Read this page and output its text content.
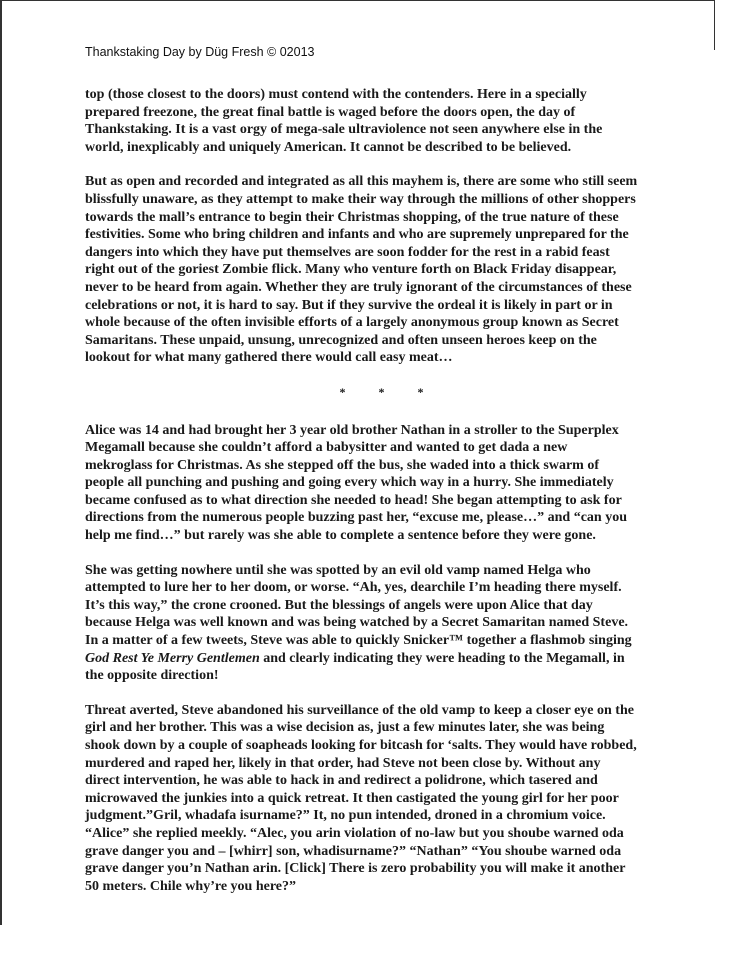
Thankstaking Day by Düg Fresh © 02013

top (those closest to the doors) must contend with the contenders. Here in a specially prepared freezone, the great final battle is waged before the doors open, the day of Thankstaking. It is a vast orgy of mega-sale ultraviolence not seen anywhere else in the world, inexplicably and uniquely American. It cannot be described to be believed.

But as open and recorded and integrated as all this mayhem is, there are some who still seem blissfully unaware, as they attempt to make their way through the millions of other shoppers towards the mall’s entrance to begin their Christmas shopping, of the true nature of these festivities. Some who bring children and infants and who are supremely unprepared for the dangers into which they have put themselves are soon fodder for the rest in a rabid feast right out of the goriest Zombie flick. Many who venture forth on Black Friday disappear, never to be heard from again. Whether they are truly ignorant of the circumstances of these celebrations or not, it is hard to say. But if they survive the ordeal it is likely in part or in whole because of the often invisible efforts of a largely anonymous group known as Secret Samaritans. These unpaid, unsung, unrecognized and often unseen heroes keep on the lookout for what many gathered there would call easy meat…

* * *

Alice was 14 and had brought her 3 year old brother Nathan in a stroller to the Superplex Megamall because she couldn’t afford a babysitter and wanted to get dada a new mekroglass for Christmas. As she stepped off the bus, she waded into a thick swarm of people all punching and pushing and going every which way in a hurry. She immediately became confused as to what direction she needed to head! She began attempting to ask for directions from the numerous people buzzing past her, “excuse me, please…” and “can you help me find…” but rarely was she able to complete a sentence before they were gone.

She was getting nowhere until she was spotted by an evil old vamp named Helga who attempted to lure her to her doom, or worse. “Ah, yes, dearchile I’m heading there myself. It’s this way,” the crone crooned. But the blessings of angels were upon Alice that day because Helga was well known and was being watched by a Secret Samaritan named Steve. In a matter of a few tweets, Steve was able to quickly Snicker™ together a flashmob singing God Rest Ye Merry Gentlemen and clearly indicating they were heading to the Megamall, in the opposite direction!

Threat averted, Steve abandoned his surveillance of the old vamp to keep a closer eye on the girl and her brother. This was a wise decision as, just a few minutes later, she was being shook down by a couple of soapheads looking for bitcash for ‘salts. They would have robbed, murdered and raped her, likely in that order, had Steve not been close by. Without any direct intervention, he was able to hack in and redirect a polidrone, which tasered and microwaved the junkies into a quick retreat. It then castigated the young girl for her poor judgment.”Gril, whadafa isurname?” It, no pun intended, droned in a chromium voice. “Alice” she replied meekly. “Alec, you arin violation of no-law but you shoube warned oda grave danger you and – [whirr] son, whadisurname?” “Nathan” “You shoube warned oda grave danger you’n Nathan arin. [Click] There is zero probability you will make it another 50 meters. Chile why’re you here?”
